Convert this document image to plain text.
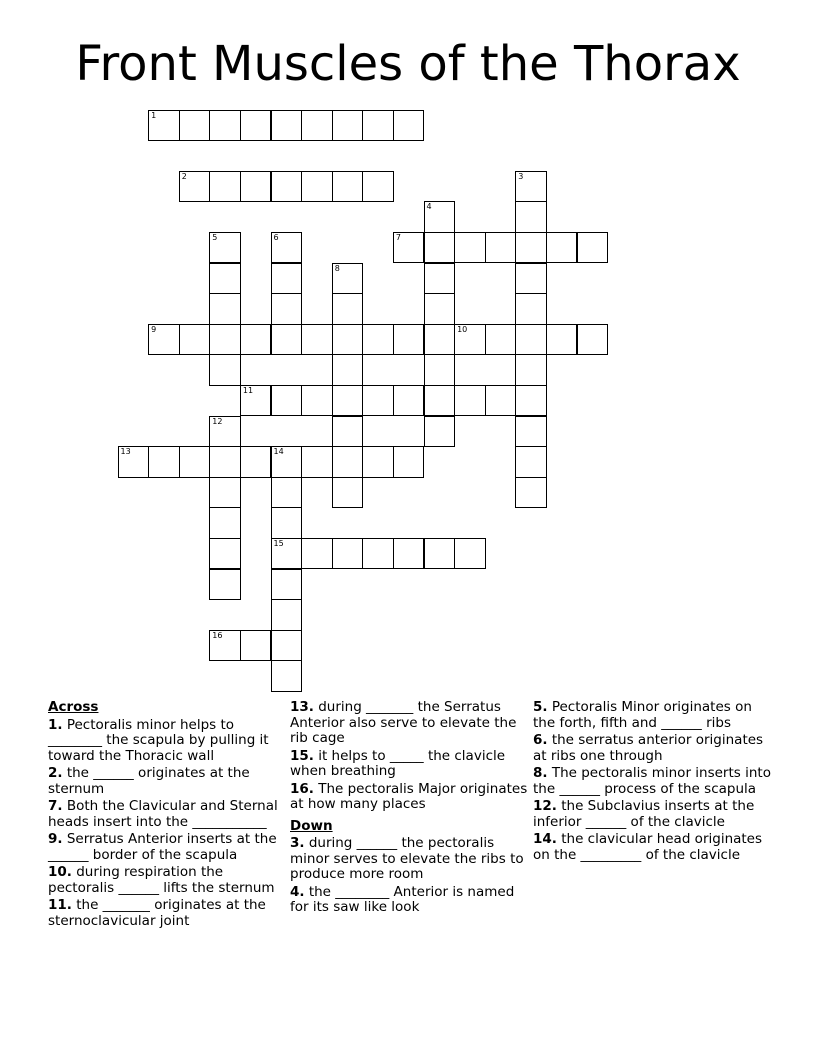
Front Muscles of the Thorax
1
2	3
4
5	6	7
8
9	10
11
12
13	14
15
16
Across
1. Pectoralis minor helps to ________ the scapula by pulling it toward the Thoracic wall
2. the ______ originates at the sternum
7. Both the Clavicular and Sternal heads insert into the ___________
9. Serratus Anterior inserts at the ______ border of the scapula
10. during respiration the pectoralis ______ lifts the sternum
11. the _______ originates at the sternoclavicular joint
13. during _______ the Serratus Anterior also serve to elevate the rib cage
15. it helps to _____ the clavicle when breathing
16. The pectoralis Major originates at how many places
Down
3. during ______ the pectoralis minor serves to elevate the ribs to produce more room
4. the ________ Anterior is named for its saw like look
5. Pectoralis Minor originates on the forth, fifth and ______ ribs
6. the serratus anterior originates at ribs one through
8. The pectoralis minor inserts into the ______ process of the scapula
12. the Subclavius inserts at the inferior ______ of the clavicle
14. the clavicular head originates on the _________ of the clavicle
